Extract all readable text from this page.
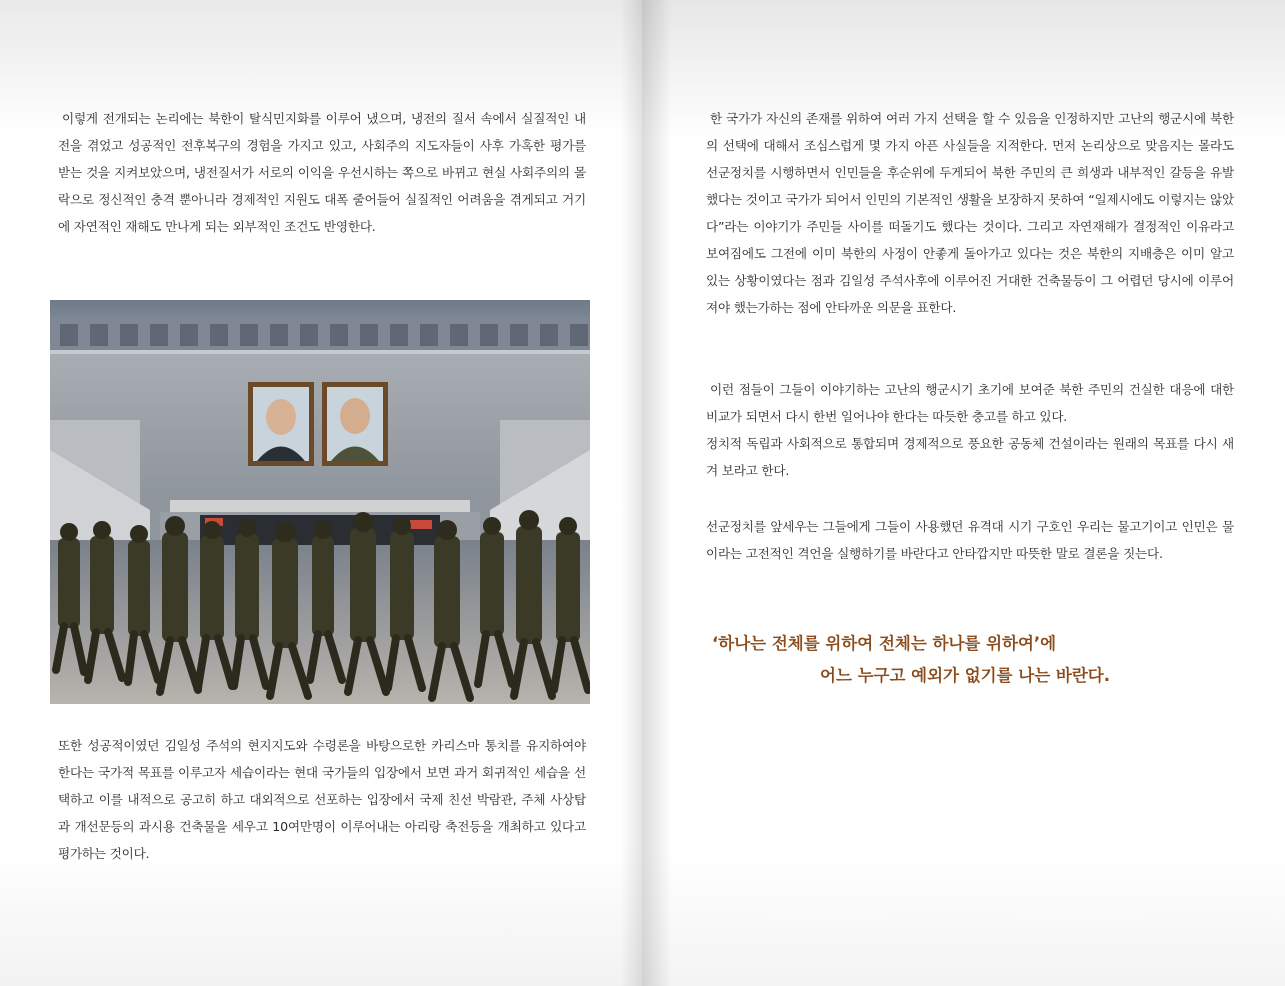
이렇게 전개되는 논리에는 북한이 탈식민지화를 이루어 냈으며, 냉전의 질서 속에서 실질적인 내전을 겪었고 성공적인 전후복구의 경험을 가지고 있고, 사회주의 지도자들이 사후 가혹한 평가를 받는 것을 지켜보았으며, 냉전질서가 서로의 이익을 우선시하는 쪽으로 바뀌고 현실 사회주의의 몰락으로 정신적인 충격 뿐아니라 경제적인 지원도 대폭 줄어들어 실질적인 어려움을 겪게되고 거기에 자연적인 재해도 만나게 되는 외부적인 조건도 반영한다.

또한 성공적이였던 김일성 주석의 현지지도와 수령론을 바탕으로한 카리스마 통치를 유지하여야 한다는 국가적 목표를 이루고자 세습이라는 현대 국가들의 입장에서 보면 과거 회귀적인 세습을 선택하고 이를 내적으로 공고히 하고 대외적으로 선포하는 입장에서 국제 친선 박람관, 주체 사상탑과 개선문등의 과시용 건축물을 세우고 10여만명이 이루어내는 아리랑 축전등을 개최하고 있다고 평가하는 것이다.

한 국가가 자신의 존재를 위하여 여러 가지 선택을 할 수 있음을 인정하지만 고난의 행군시에 북한의 선택에 대해서 조심스럽게 몇 가지 아픈 사실들을 지적한다. 먼저 논리상으로 맞음지는 몰라도 선군정치를 시행하면서 인민들을 후순위에 두게되어 북한 주민의 큰 희생과 내부적인 갈등을 유발했다는 것이고 국가가 되어서 인민의 기본적인 생활을 보장하지 못하여 “일제시에도 이렇지는 않았다”라는 이야기가 주민들 사이를 떠돌기도 했다는 것이다. 그리고 자연재해가 결정적인 이유라고 보여짐에도 그전에 이미 북한의 사정이 안좋게 돌아가고 있다는 것은 북한의 지배층은 이미 알고 있는 상황이였다는 점과 김일성 주석사후에 이루어진 거대한 건축물등이 그 어렵던 당시에 이루어 져야 했는가하는 점에 안타까운 의문을 표한다.

이런 점들이 그들이 이야기하는 고난의 행군시기 초기에 보여준 북한 주민의 건실한 대응에 대한 비교가 되면서 다시 한번 일어나야 한다는 따듯한 충고를 하고 있다.
정치적 독립과 사회적으로 통합되며 경제적으로 풍요한 공동체 건설이라는 원래의 목표를 다시 새겨 보라고 한다.

선군정치를 앞세우는 그들에게 그들이 사용했던 유격대 시기 구호인 우리는 물고기이고 인민은 물이라는 고전적인 격언을 실행하기를 바란다고 안타깝지만 따뜻한 말로 결론을 짓는다.

‘하나는 전체를 위하여 전체는 하나를 위하여’에
어느 누구고 예외가 없기를 나는 바란다.
